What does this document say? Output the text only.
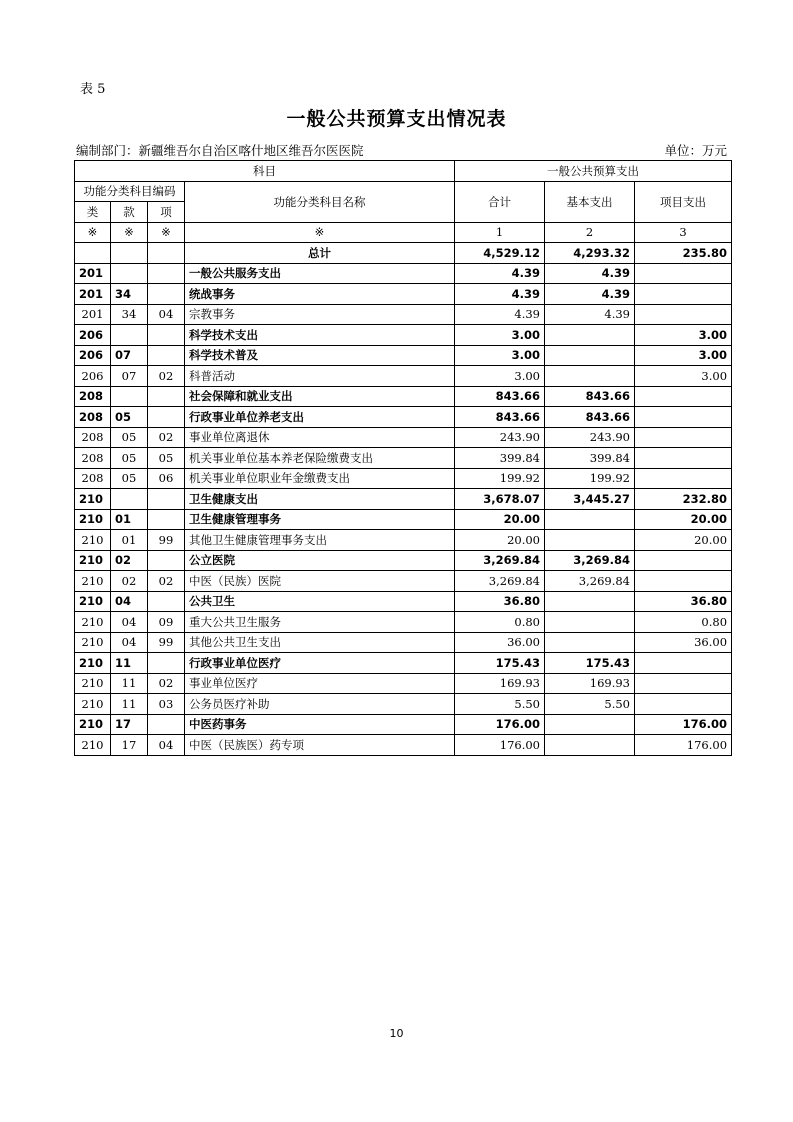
表 5
一般公共预算支出情况表
编制部门：新疆维吾尔自治区喀什地区维吾尔医医院	单位：万元
科目				一般公共预算支出		
功能分类科目编码			功能分类科目名称	合计	基本支出	项目支出
类	款	项				
※	※	※	※	1	2	3
			总计	4,529.12	4,293.32	235.80
201			一般公共服务支出	4.39	4.39	
201	34		统战事务	4.39	4.39	
201	34	04	宗教事务	4.39	4.39	
206			科学技术支出	3.00		3.00
206	07		科学技术普及	3.00		3.00
206	07	02	科普活动	3.00		3.00
208			社会保障和就业支出	843.66	843.66	
208	05		行政事业单位养老支出	843.66	843.66	
208	05	02	事业单位离退休	243.90	243.90	
208	05	05	机关事业单位基本养老保险缴费支出	399.84	399.84	
208	05	06	机关事业单位职业年金缴费支出	199.92	199.92	
210			卫生健康支出	3,678.07	3,445.27	232.80
210	01		卫生健康管理事务	20.00		20.00
210	01	99	其他卫生健康管理事务支出	20.00		20.00
210	02		公立医院	3,269.84	3,269.84	
210	02	02	中医（民族）医院	3,269.84	3,269.84	
210	04		公共卫生	36.80		36.80
210	04	09	重大公共卫生服务	0.80		0.80
210	04	99	其他公共卫生支出	36.00		36.00
210	11		行政事业单位医疗	175.43	175.43	
210	11	02	事业单位医疗	169.93	169.93	
210	11	03	公务员医疗补助	5.50	5.50	
210	17		中医药事务	176.00		176.00
210	17	04	中医（民族医）药专项	176.00		176.00
10
